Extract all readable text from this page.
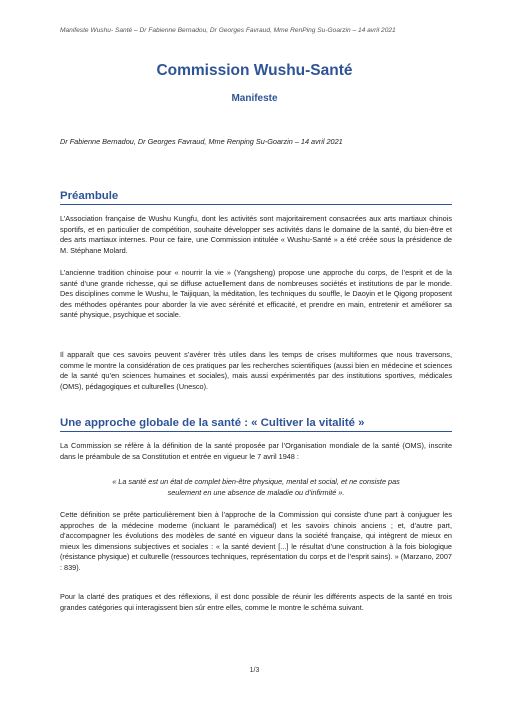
Manifeste Wushu- Santé – Dr Fabienne Bernadou, Dr Georges Favraud, Mme RenPing Su-Goarzin – 14 avril 2021
Commission Wushu-Santé
Manifeste
Dr Fabienne Bernadou, Dr Georges Favraud, Mme Renping Su-Goarzin – 14 avril 2021
Préambule

L’Association française de Wushu Kungfu, dont les activités sont majoritairement consacrées aux arts martiaux chinois sportifs, et en particulier de compétition, souhaite développer ses activités dans le domaine de la santé, du bien-être et des arts martiaux internes. Pour ce faire, une Commission intitulée « Wushu-Santé » a été créée sous la présidence de M. Stéphane Molard.

L’ancienne tradition chinoise pour « nourrir la vie » (Yangsheng) propose une approche du corps, de l’esprit et de la santé d’une grande richesse, qui se diffuse actuellement dans de nombreuses sociétés et institutions de par le monde. Des disciplines comme le Wushu, le Taijiquan, la méditation, les techniques du souffle, le Daoyin et le Qigong proposent des méthodes opérantes pour aborder la vie avec sérénité et efficacité, et prendre en main, entretenir et améliorer sa santé physique, psychique et sociale.

Il apparaît que ces savoirs peuvent s’avérer très utiles dans les temps de crises multiformes que nous traversons, comme le montre la considération de ces pratiques par les recherches scientifiques (aussi bien en médecine et sciences de la santé qu’en sciences humaines et sociales), mais aussi expérimentés par des institutions sportives, médicales (OMS), pédagogiques et culturelles (Unesco).

Une approche globale de la santé : « Cultiver la vitalité »

La Commission se réfère à la définition de la santé proposée par l’Organisation mondiale de la santé (OMS), inscrite dans le préambule de sa Constitution et entrée en vigueur le 7 avril 1948 :

« La santé est un état de complet bien-être physique, mental et social, et ne consiste pas seulement en une absence de maladie ou d’infirmité ».

Cette définition se prête particulièrement bien à l’approche de la Commission qui consiste d’une part à conjuguer les approches de la médecine moderne (incluant le paramédical) et les savoirs chinois anciens ; et, d’autre part, d’accompagner les évolutions des modèles de santé en vigueur dans la société française, qui intègrent de mieux en mieux les dimensions subjectives et sociales : « la santé devient [...] le résultat d’une construction à la fois biologique (résistance physique) et culturelle (ressources techniques, représentation du corps et de l’esprit sains). » (Marzano, 2007 : 839).

Pour la clarté des pratiques et des réflexions, il est donc possible de réunir les différents aspects de la santé en trois grandes catégories qui interagissent bien sûr entre elles, comme le montre le schéma suivant.

1/3
